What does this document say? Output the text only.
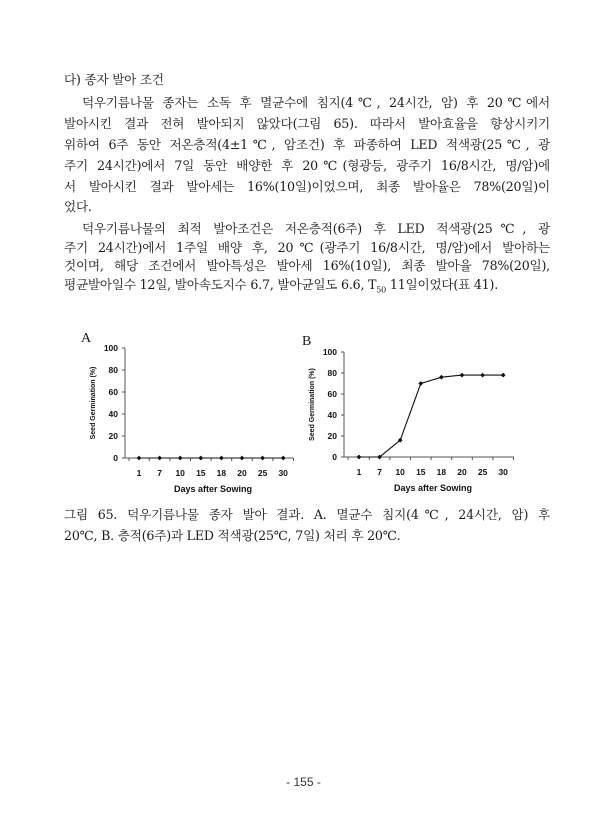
다) 종자 발아 조건
덕우기름나물 종자는 소독 후 멸균수에 침지(4℃, 24시간, 암) 후 20℃에서
발아시킨 결과 전혀 발아되지 않았다(그림 65). 따라서 발아효율을 향상시키기
위하여 6주 동안 저온층적(4±1℃, 암조건) 후 파종하여 LED 적색광(25℃, 광
주기 24시간)에서 7일 동안 배양한 후 20℃(형광등, 광주기 16/8시간, 명/암)에
서 발아시킨 결과 발아세는 16%(10일)이었으며, 최종 발아율은 78%(20일)이
었다.
덕우기름나물의 최적 발아조건은 저온층적(6주) 후 LED 적색광(25℃, 광
주기 24시간)에서 1주일 배양 후, 20℃(광주기 16/8시간, 명/암)에서 발아하는
것이며, 해당 조건에서 발아특성은 발아세 16%(10일), 최종 발아율 78%(20일),
평균발아일수 12일, 발아속도지수 6.7, 발아균일도 6.6, $T_{50}$ 11일이었다(표 41).
A	B
0
20
40
60
80
100
1 7 10 15 18 20 25 30
Days after Sowing
Seed Germination (%)
0
20
40
60
80
100
1 7 10 15 18 20 25 30
Days after Sowing
Seed Germination (%)
그림 65. 덕우기름나물 종자 발아 결과. A. 멸균수 침지(4℃, 24시간, 암) 후
20℃, B. 층적(6주)과 LED 적색광(25℃, 7일) 처리 후 20℃.
- 155 -
